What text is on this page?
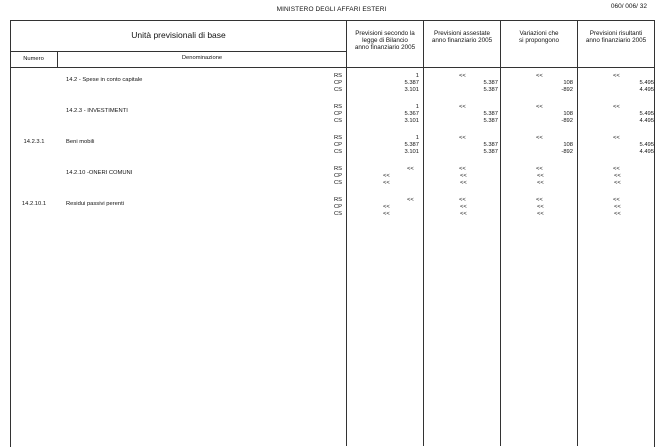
MINISTERO DEGLI AFFARI ESTERI	060/ 006/ 32
Unità previsionali di base
Numero	Denominazione
Previsioni secondo la
legge di Bilancio
anno finanziario 2005
Previsioni assestate
anno finanziario 2005
Variazioni che
si propongono
Previsioni risultanti
anno finanziario 2005
14.2 - Spese in conto capitale
RS	1	<<	<<	<<
CP	5.387	5.387	108	5.495
CS	3.101	5.387	-892	4.495
14.2.3 - INVESTIMENTI
RS	1	<<	<<	<<
CP	5.367	5.387	108	5.495
CS	3.101	5.387	-892	4.495
14.2.3.1	Beni mobili
RS	1	<<	<<	<<
CP	5.387	5.387	108	5.495
CS	3.101	5.387	-892	4.495
14.2.10 -ONERI COMUNI
RS	<<	<<	<<	<<
CP	<<	<<	<<	<<
CS	<<	<<	<<	<<
14.2.10.1	Residui passivi perenti
RS	<<	<<	<<	<<
CP	<<	<<	<<	<<
CS	<<	<<	<<	<<
